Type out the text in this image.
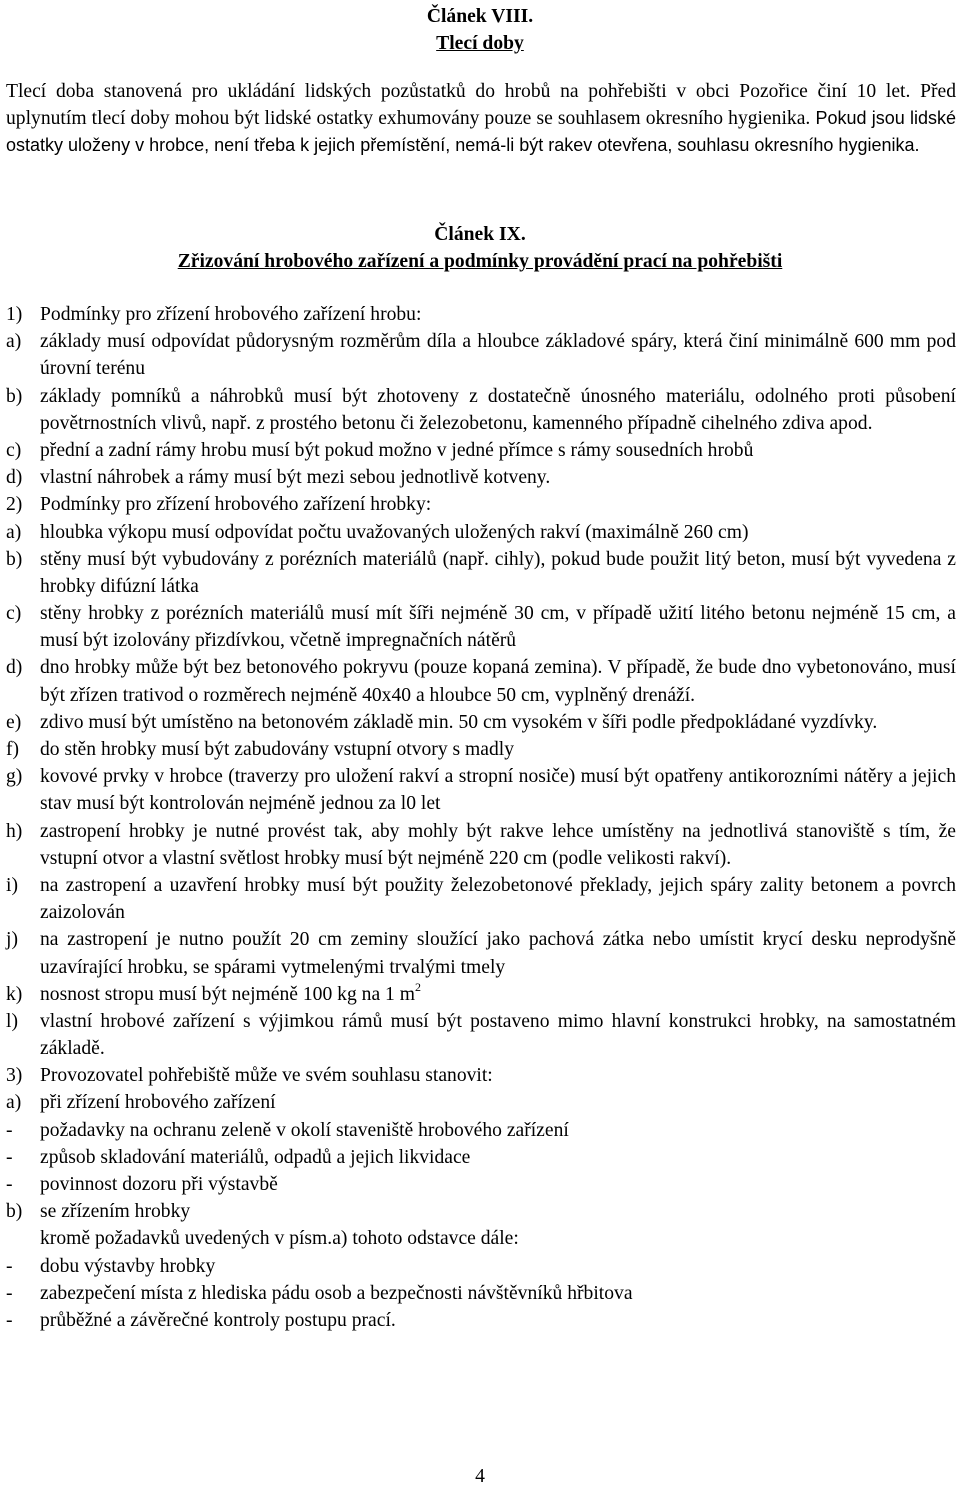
Článek VIII.

Tlecí doby

Tlecí doba stanovená pro ukládání lidských pozůstatků do hrobů na pohřebišti v obci Pozořice činí 10 let. Před uplynutím tlecí doby mohou být lidské ostatky exhumovány pouze se souhlasem okresního hygienika. Pokud jsou lidské ostatky uloženy v hrobce, není třeba k jejich přemístění, nemá-li být rakev otevřena, souhlasu okresního hygienika.

Článek IX.

Zřizování hrobového zařízení a podmínky provádění prací na pohřebišti

1) Podmínky pro zřízení hrobového zařízení hrobu:
a) základy musí odpovídat půdorysným rozměrům díla a hloubce základové spáry, která činí minimálně 600 mm pod úrovní terénu
b) základy pomníků a náhrobků musí být zhotoveny z dostatečně únosného materiálu, odolného proti působení povětrnostních vlivů, např. z prostého betonu či železobetonu, kamenného případně cihelného zdiva apod.
c) přední a zadní rámy hrobu musí být pokud možno v jedné přímce s rámy sousedních hrobů
d) vlastní náhrobek a rámy musí být mezi sebou jednotlivě kotveny.
2) Podmínky pro zřízení hrobového zařízení hrobky:
a) hloubka výkopu musí odpovídat počtu uvažovaných uložených rakví (maximálně 260 cm)
b) stěny musí být vybudovány z porézních materiálů (např. cihly), pokud bude použit litý beton, musí být vyvedena z hrobky difúzní látka
c) stěny hrobky z porézních materiálů musí mít šíři nejméně 30 cm, v případě užití litého betonu nejméně 15 cm, a musí být izolovány přizdívkou, včetně impregnačních nátěrů
d) dno hrobky může být bez betonového pokryvu (pouze kopaná zemina). V případě, že bude dno vybetonováno, musí být zřízen trativod o rozměrech nejméně 40x40 a hloubce 50 cm, vyplněný drenáží.
e) zdivo musí být umístěno na betonovém základě min. 50 cm vysokém v šíři podle předpokládané vyzdívky.
f)	do stěn hrobky musí být zabudovány vstupní otvory s madly
g) kovové prvky v hrobce (traverzy pro uložení rakví a stropní nosiče) musí být opatřeny antikorozními nátěry a jejich stav musí být kontrolován nejméně jednou za l0 let
h) zastropení hrobky je nutné provést tak, aby mohly být rakve lehce umístěny na jednotlivá stanoviště s tím, že vstupní otvor a vlastní světlost hrobky musí být nejméně 220 cm (podle velikosti rakví).
i)	na zastropení a uzavření hrobky musí být použity železobetonové překlady, jejich spáry zality betonem a povrch zaizolován
j)	na zastropení je nutno použít 20 cm zeminy sloužící jako pachová zátka nebo umístit krycí desku neprodyšně uzavírající hrobku, se spárami vytmelenými trvalými tmely
k) nosnost stropu musí být nejméně 100 kg na 1 $m^2$
l)	vlastní hrobové zařízení s výjimkou rámů musí být postaveno mimo hlavní konstrukci hrobky, na samostatném základě.
3) Provozovatel pohřebiště může ve svém souhlasu stanovit:
a) při zřízení hrobového zařízení
-	požadavky na ochranu zeleně v okolí staveniště hrobového zařízení
-	způsob skladování materiálů, odpadů a jejich likvidace
-	povinnost dozoru při výstavbě
b) se zřízením hrobky
kromě požadavků uvedených v písm.a) tohoto odstavce dále:
-	dobu výstavby hrobky
-	zabezpečení místa z hlediska pádu osob a bezpečnosti návštěvníků hřbitova
-	průběžné a závěrečné kontroly postupu prací.
4
